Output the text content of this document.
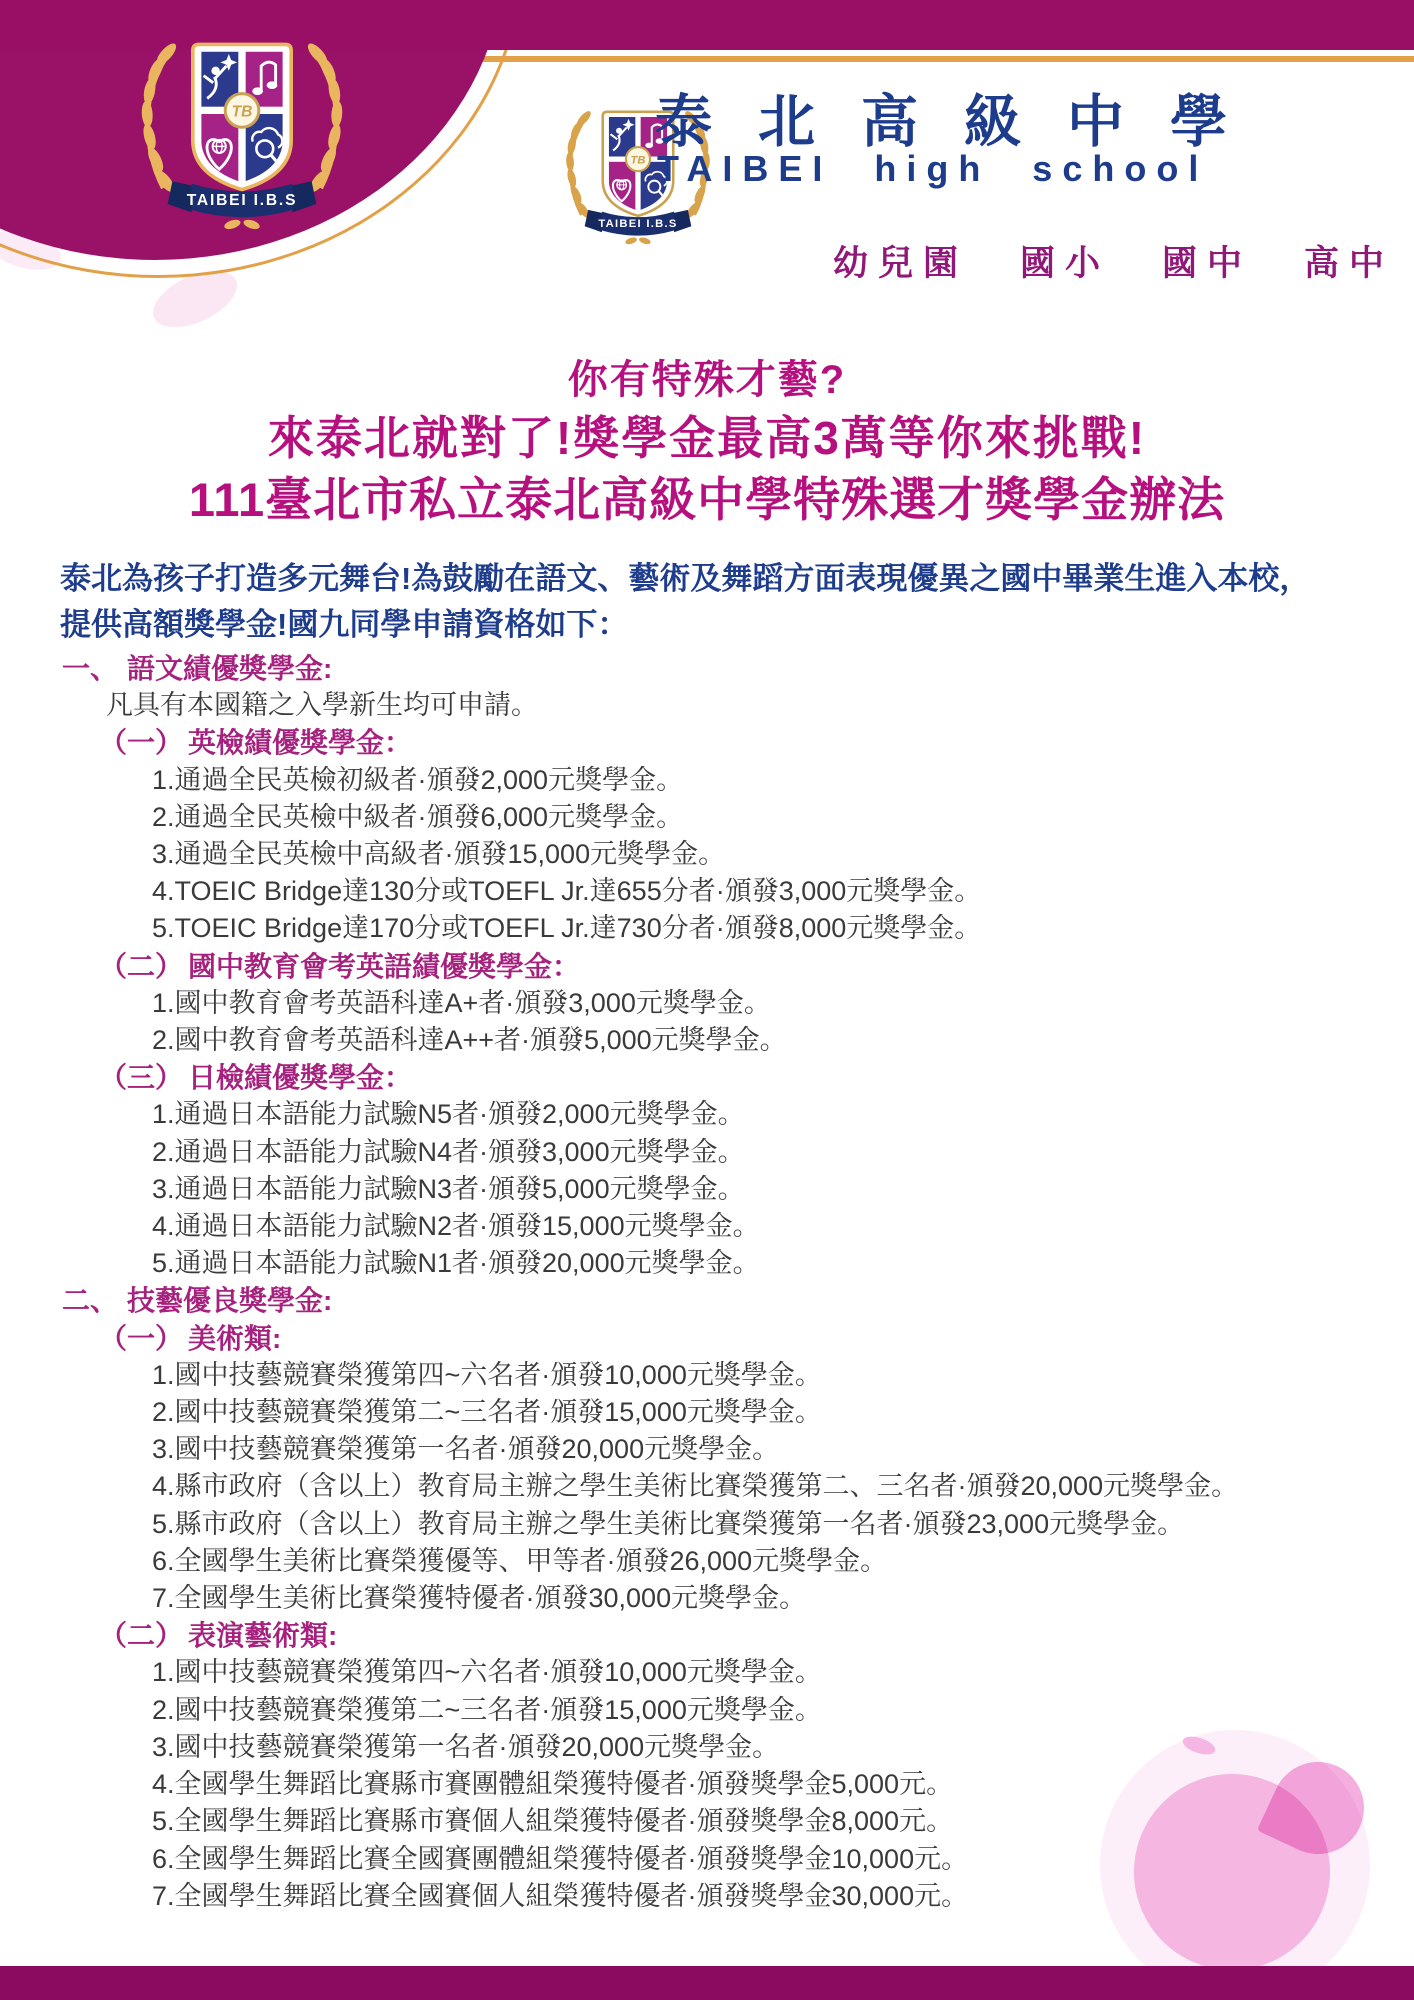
TAIBEI I.B.S
TB
TAIBEI I.B.S
TB
泰北高級中學
TAIBEI high school
幼兒園 國小 國中 高中
你有特殊才藝?
來泰北就對了!獎學金最高3萬等你來挑戰!
111臺北市私立泰北高級中學特殊選才獎學金辦法
泰北為孩子打造多元舞台!為鼓勵在語文、藝術及舞蹈方面表現優異之國中畢業生進入本校，
提供高額獎學金!國九同學申請資格如下：
一、 語文績優獎學金:
凡具有本國籍之入學新生均可申請。
（一） 英檢績優獎學金：
1.通過全民英檢初級者·頒發2,000元獎學金。
2.通過全民英檢中級者·頒發6,000元獎學金。
3.通過全民英檢中高級者·頒發15,000元獎學金。
4.TOEIC Bridge達130分或TOEFL Jr.達655分者·頒發3,000元獎學金。
5.TOEIC Bridge達170分或TOEFL Jr.達730分者·頒發8,000元獎學金。
（二） 國中教育會考英語績優獎學金：
1.國中教育會考英語科達A+者·頒發3,000元獎學金。
2.國中教育會考英語科達A++者·頒發5,000元獎學金。
（三） 日檢績優獎學金：
1.通過日本語能力試驗N5者·頒發2,000元獎學金。
2.通過日本語能力試驗N4者·頒發3,000元獎學金。
3.通過日本語能力試驗N3者·頒發5,000元獎學金。
4.通過日本語能力試驗N2者·頒發15,000元獎學金。
5.通過日本語能力試驗N1者·頒發20,000元獎學金。
二、 技藝優良獎學金:
（一） 美術類:
1.國中技藝競賽榮獲第四~六名者·頒發10,000元獎學金。
2.國中技藝競賽榮獲第二~三名者·頒發15,000元獎學金。
3.國中技藝競賽榮獲第一名者·頒發20,000元獎學金。
4.縣市政府（含以上）教育局主辦之學生美術比賽榮獲第二、三名者·頒發20,000元獎學金。
5.縣市政府（含以上）教育局主辦之學生美術比賽榮獲第一名者·頒發23,000元獎學金。
6.全國學生美術比賽榮獲優等、甲等者·頒發26,000元獎學金。
7.全國學生美術比賽榮獲特優者·頒發30,000元獎學金。
（二） 表演藝術類:
1.國中技藝競賽榮獲第四~六名者·頒發10,000元獎學金。
2.國中技藝競賽榮獲第二~三名者·頒發15,000元獎學金。
3.國中技藝競賽榮獲第一名者·頒發20,000元獎學金。
4.全國學生舞蹈比賽縣市賽團體組榮獲特優者·頒發獎學金5,000元。
5.全國學生舞蹈比賽縣市賽個人組榮獲特優者·頒發獎學金8,000元。
6.全國學生舞蹈比賽全國賽團體組榮獲特優者·頒發獎學金10,000元。
7.全國學生舞蹈比賽全國賽個人組榮獲特優者·頒發獎學金30,000元。
